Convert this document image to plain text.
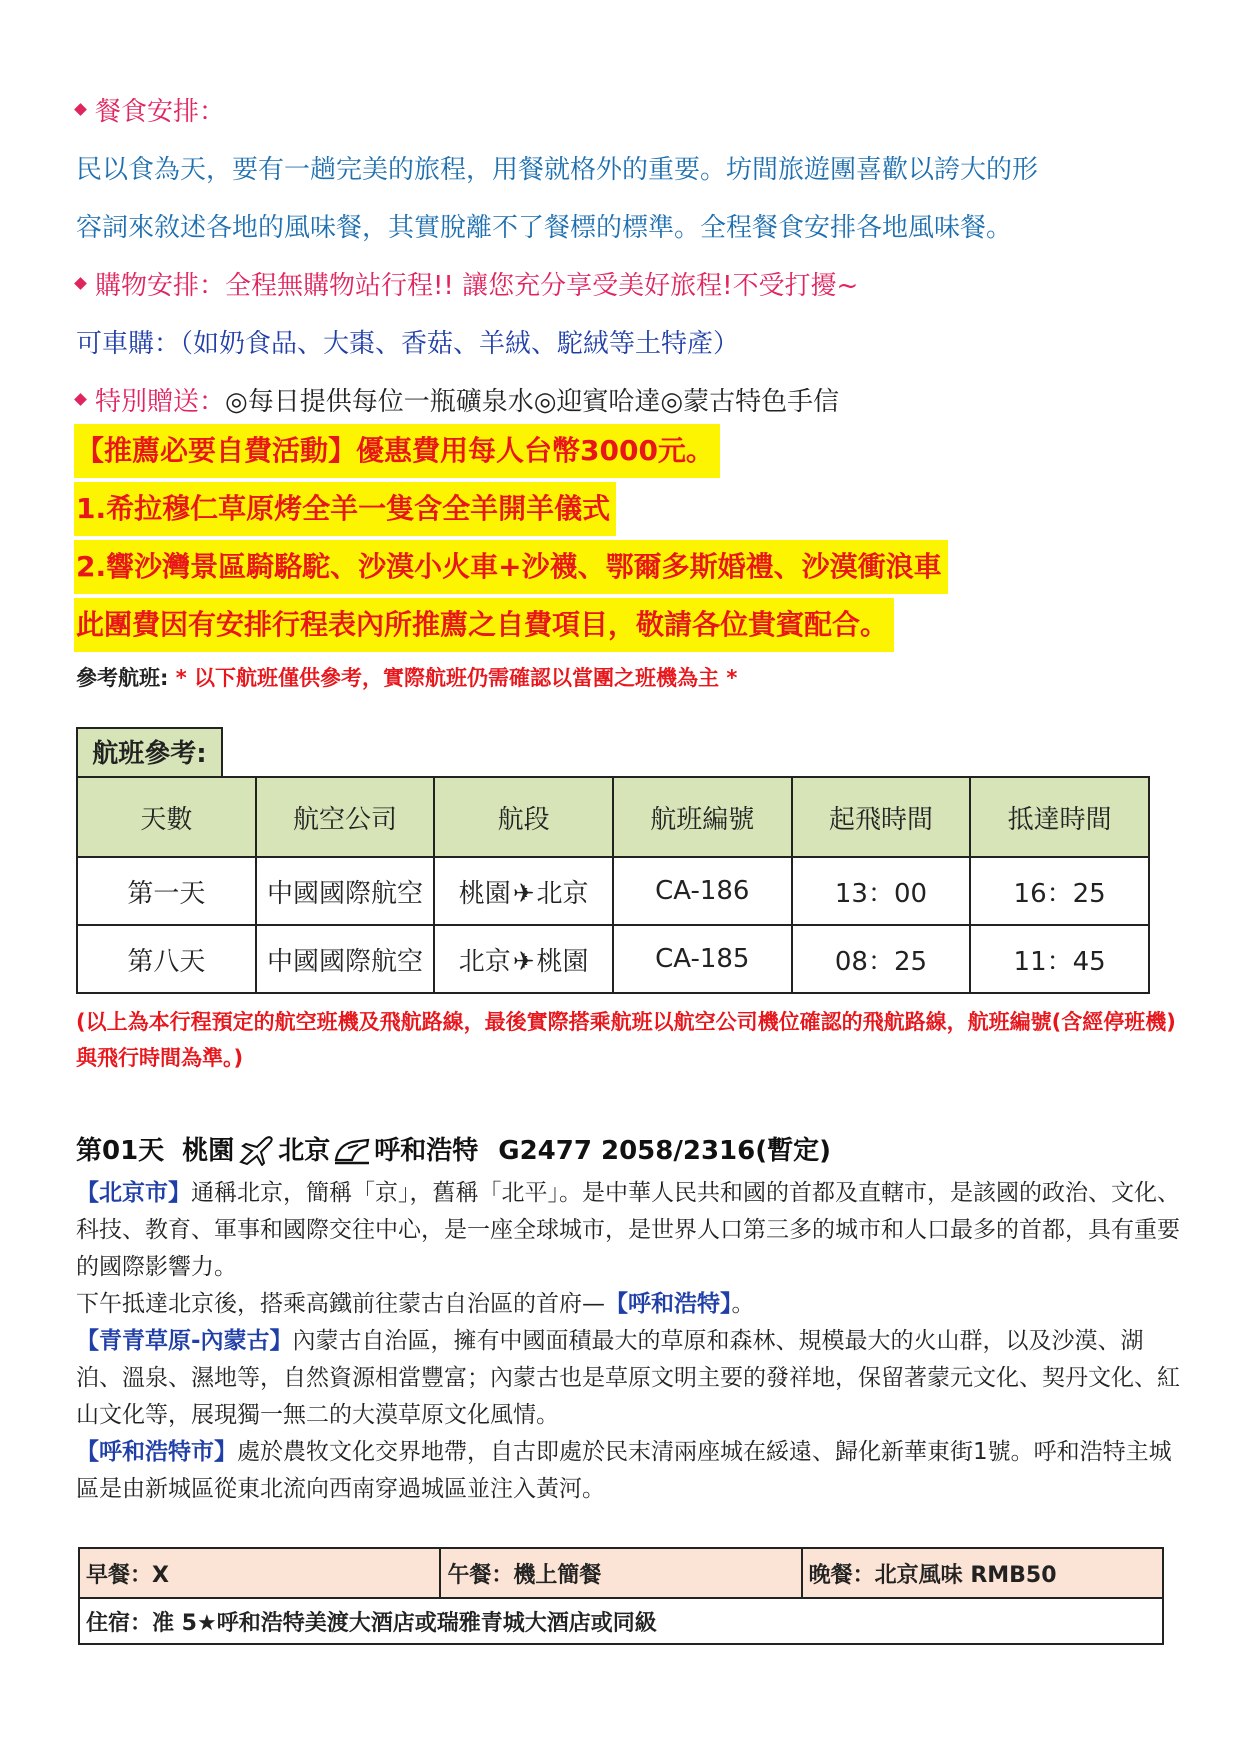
餐食安排：
民以食為天，要有一趟完美的旅程，用餐就格外的重要。坊間旅遊團喜歡以誇大的形
容詞來敘述各地的風味餐，其實脫離不了餐標的標準。全程餐食安排各地風味餐。
購物安排：全程無購物站行程!! 讓您充分享受美好旅程!不受打擾~
可車購：（如奶食品、大棗、香菇、羊絨、駝絨等土特產）
特別贈送：◎每日提供每位一瓶礦泉水◎迎賓哈達◎蒙古特色手信
【推薦必要自費活動】優惠費用每人台幣3000元。
1.希拉穆仁草原烤全羊一隻含全羊開羊儀式
2.響沙灣景區騎駱駝、沙漠小火車+沙襪、鄂爾多斯婚禮、沙漠衝浪車
此團費因有安排行程表內所推薦之自費項目，敬請各位貴賓配合。
參考航班: * 以下航班僅供參考，實際航班仍需確認以當團之班機為主 *
航班參考:
天數	航空公司	航段	航班編號	起飛時間	抵達時間
第一天	中國國際航空	桃園✈北京	CA-186	13：00	16：25
第八天	中國國際航空	北京✈桃園	CA-185	08：25	11：45
(以上為本行程預定的航空班機及飛航路線，最後實際搭乘航班以航空公司機位確認的飛航路線，航班編號(含經停班機)與飛行時間為準。)
第01天 桃園 北京 呼和浩特 G2477 2058/2316(暫定)
【北京市】通稱北京，簡稱「京」，舊稱「北平」。是中華人民共和國的首都及直轄市，是該國的政治、文化、科技、教育、軍事和國際交往中心，是一座全球城市，是世界人口第三多的城市和人口最多的首都，具有重要的國際影響力。
下午抵達北京後，搭乘高鐵前往蒙古自治區的首府—【呼和浩特】。
【青青草原-內蒙古】內蒙古自治區，擁有中國面積最大的草原和森林、規模最大的火山群，以及沙漠、湖泊、溫泉、濕地等，自然資源相當豐富；內蒙古也是草原文明主要的發祥地，保留著蒙元文化、契丹文化、紅山文化等，展現獨一無二的大漠草原文化風情。
【呼和浩特市】處於農牧文化交界地帶，自古即處於民末清兩座城在綏遠、歸化新華東街1號。呼和浩特主城區是由新城區從東北流向西南穿過城區並注入黃河。
早餐：X	午餐：機上簡餐	晚餐：北京風味 RMB50
住宿：准 5★呼和浩特美渡大酒店或瑞雅青城大酒店或同級
